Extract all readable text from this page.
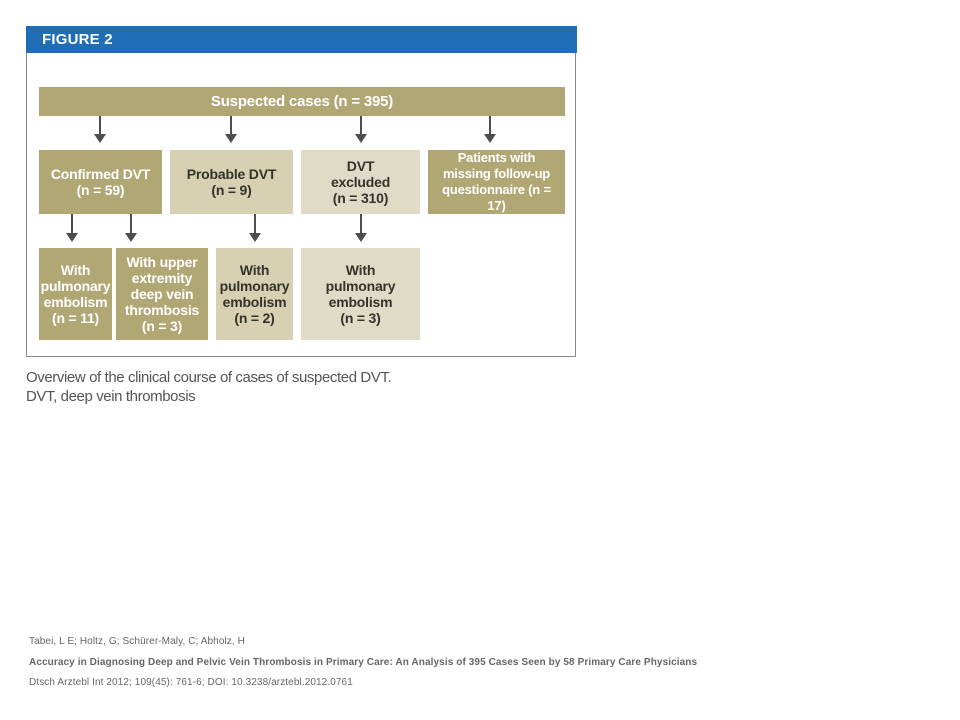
FIGURE 2
Suspected cases (n = 395)
Confirmed DVT
(n = 59)
Probable DVT
(n = 9)
DVT
excluded
(n = 310)
Patients with
missing follow-up
questionnaire (n = 17)
With
pulmonary
embolism
(n = 11)
With upper
extremity
deep vein
thrombosis
(n = 3)
With
pulmonary
embolism
(n = 2)
With
pulmonary
embolism
(n = 3)
Overview of the clinical course of cases of suspected DVT.
DVT, deep vein thrombosis
Tabei, L E; Holtz, G; Schürer-Maly, C; Abholz, H
Accuracy in Diagnosing Deep and Pelvic Vein Thrombosis in Primary Care: An Analysis of 395 Cases Seen by 58 Primary Care Physicians
Dtsch Arztebl Int 2012; 109(45): 761-6; DOI: 10.3238/arztebl.2012.0761
